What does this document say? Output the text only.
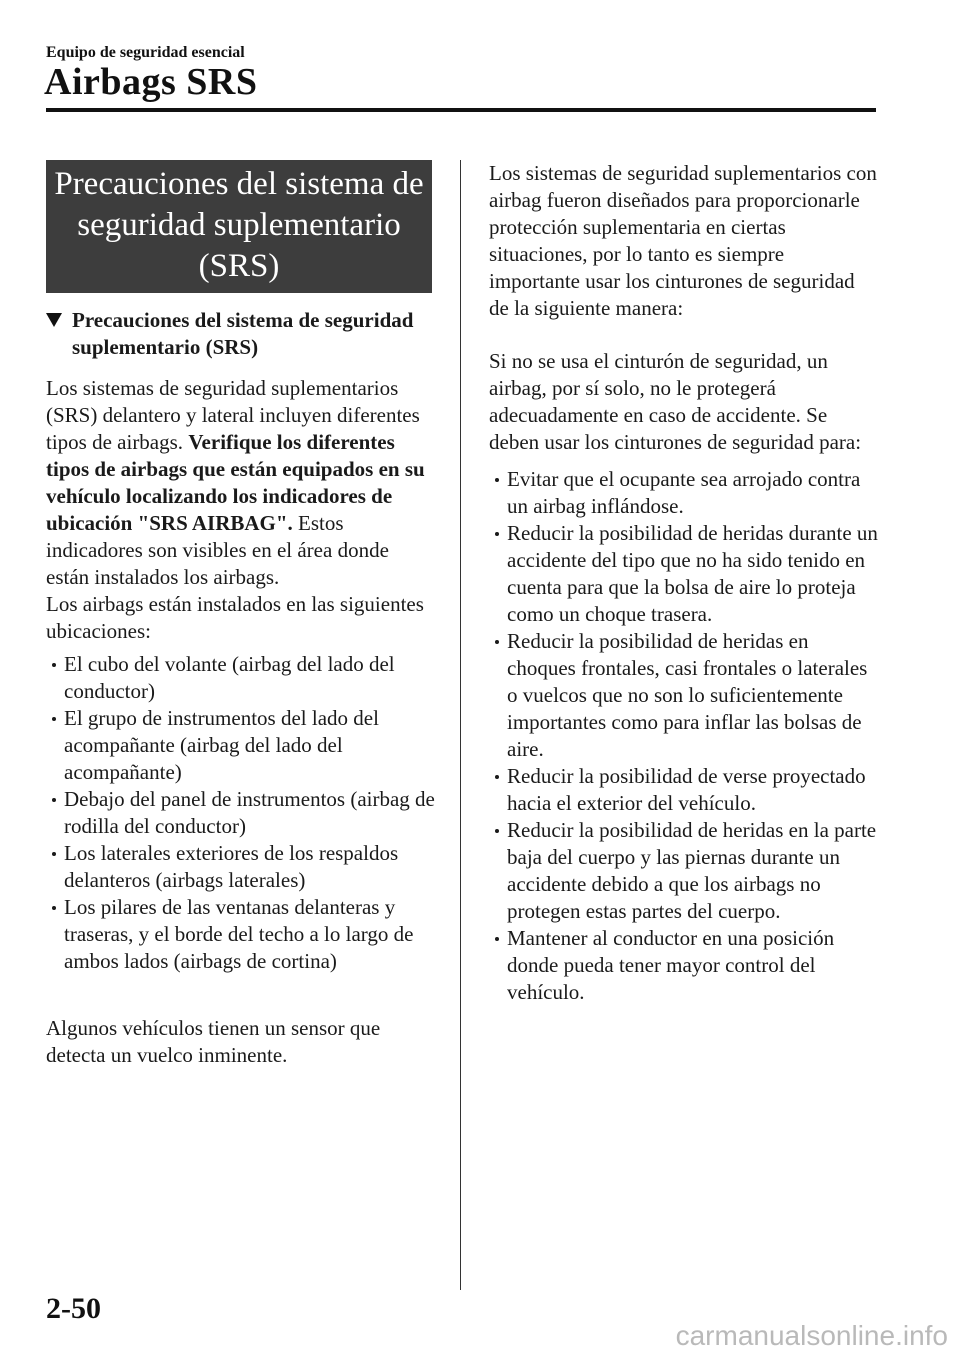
Equipo de seguridad esencial
Airbags SRS
Precauciones del sistema de seguridad suplementario (SRS)
Precauciones del sistema de seguridad suplementario (SRS)

Los sistemas de seguridad suplementarios (SRS) delantero y lateral incluyen diferentes tipos de airbags. Verifique los diferentes tipos de airbags que están equipados en su vehículo localizando los indicadores de ubicación "SRS AIRBAG". Estos indicadores son visibles en el área donde están instalados los airbags.

Los airbags están instalados en las siguientes ubicaciones:

El cubo del volante (airbag del lado del conductor)
El grupo de instrumentos del lado del acompañante (airbag del lado del acompañante)
Debajo del panel de instrumentos (airbag de rodilla del conductor)
Los laterales exteriores de los respaldos delanteros (airbags laterales)
Los pilares de las ventanas delanteras y traseras, y el borde del techo a lo largo de ambos lados (airbags de cortina)

Algunos vehículos tienen un sensor que detecta un vuelco inminente.

Los sistemas de seguridad suplementarios con airbag fueron diseñados para proporcionarle protección suplementaria en ciertas situaciones, por lo tanto es siempre importante usar los cinturones de seguridad de la siguiente manera:

Si no se usa el cinturón de seguridad, un airbag, por sí solo, no le protegerá adecuadamente en caso de accidente. Se deben usar los cinturones de seguridad para:

Evitar que el ocupante sea arrojado contra un airbag inflándose.
Reducir la posibilidad de heridas durante un accidente del tipo que no ha sido tenido en cuenta para que la bolsa de aire lo proteja como un choque trasera.
Reducir la posibilidad de heridas en choques frontales, casi frontales o laterales o vuelcos que no son lo suficientemente importantes como para inflar las bolsas de aire.
Reducir la posibilidad de verse proyectado hacia el exterior del vehículo.
Reducir la posibilidad de heridas en la parte baja del cuerpo y las piernas durante un accidente debido a que los airbags no protegen estas partes del cuerpo.
Mantener al conductor en una posición donde pueda tener mayor control del vehículo.
2-50
carmanualsonline.info
